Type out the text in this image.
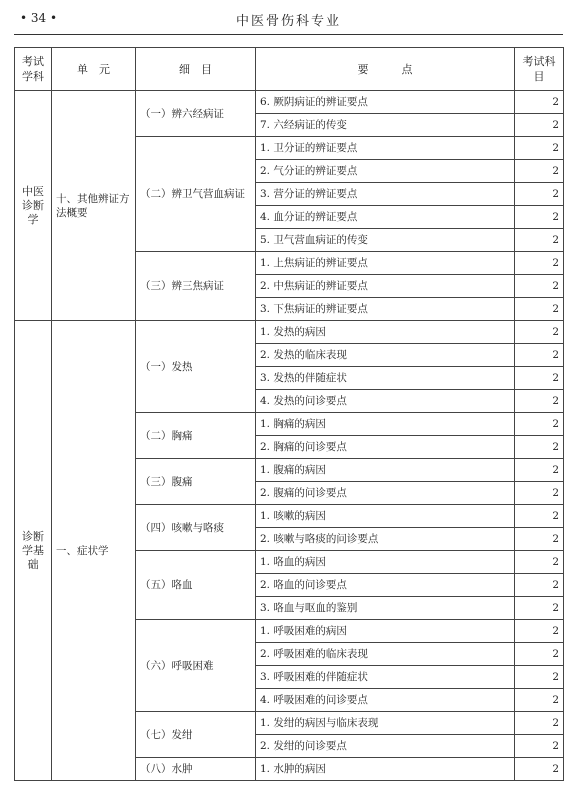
• 34 •	中医骨伤科专业
考试学科	单　元	细　目	要　　　点	考试科目
中医诊断学	十、其他辨证方法概要	（一）辨六经病证	6. 厥阴病证的辨证要点	2
			7. 六经病证的传变	2
		（二）辨卫气营血病证	1. 卫分证的辨证要点	2
			2. 气分证的辨证要点	2
			3. 营分证的辨证要点	2
			4. 血分证的辨证要点	2
			5. 卫气营血病证的传变	2
		（三）辨三焦病证	1. 上焦病证的辨证要点	2
			2. 中焦病证的辨证要点	2
			3. 下焦病证的辨证要点	2
诊断学基础	一、症状学	（一）发热	1. 发热的病因	2
			2. 发热的临床表现	2
			3. 发热的伴随症状	2
			4. 发热的问诊要点	2
		（二）胸痛	1. 胸痛的病因	2
			2. 胸痛的问诊要点	2
		（三）腹痛	1. 腹痛的病因	2
			2. 腹痛的问诊要点	2
		（四）咳嗽与咯痰	1. 咳嗽的病因	2
			2. 咳嗽与咯痰的问诊要点	2
		（五）咯血	1. 咯血的病因	2
			2. 咯血的问诊要点	2
			3. 咯血与呕血的鉴别	2
		（六）呼吸困难	1. 呼吸困难的病因	2
			2. 呼吸困难的临床表现	2
			3. 呼吸困难的伴随症状	2
			4. 呼吸困难的问诊要点	2
		（七）发绀	1. 发绀的病因与临床表现	2
			2. 发绀的问诊要点	2
		（八）水肿	1. 水肿的病因	2
